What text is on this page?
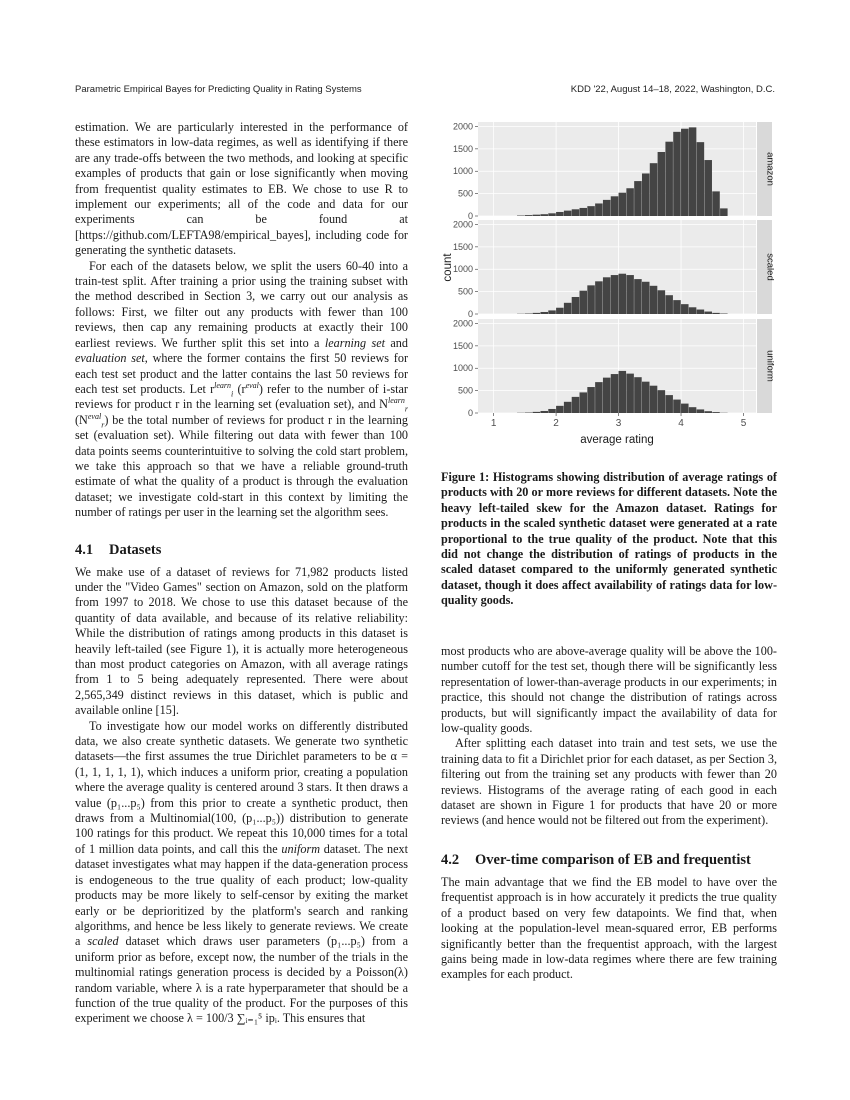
Parametric Empirical Bayes for Predicting Quality in Rating Systems	KDD '22, August 14–18, 2022, Washington, D.C.

estimation. We are particularly interested in the performance of these estimators in low-data regimes, as well as identifying if there are any trade-offs between the two methods, and looking at specific examples of products that gain or lose significantly when moving from frequentist quality estimates to EB. We chose to use R to implement our experiments; all of the code and data for our experiments can be found at [https://github.com/LEFTA98/empirical_bayes], including code for generating the synthetic datasets.

For each of the datasets below, we split the users 60-40 into a train-test split. After training a prior using the training subset with the method described in Section 3, we carry out our analysis as follows: First, we filter out any products with fewer than 100 reviews, then cap any remaining products at exactly their 100 earliest reviews. We further split this set into a learning set and evaluation set, where the former contains the first 50 reviews for each test set product and the latter contains the last 50 reviews for each test set products. Let $r^{learn}_i$ $(r^{eval})$ refer to the number of i-star reviews for product r in the learning set (evaluation set), and $N^{learn}_r$ $(N^{eval}_r)$ be the total number of reviews for product r in the learning set (evaluation set). While filtering out data with fewer than 100 data points seems counterintuitive to solving the cold start problem, we take this approach so that we have a reliable ground-truth estimate of what the quality of a product is through the evaluation dataset; we investigate cold-start in this context by limiting the number of ratings per user in the learning set the algorithm sees.

4.1 Datasets

We make use of a dataset of reviews for 71,982 products listed under the "Video Games" section on Amazon, sold on the platform from 1997 to 2018. We chose to use this dataset because of the quantity of data available, and because of its relative reliability: While the distribution of ratings among products in this dataset is heavily left-tailed (see Figure 1), it is actually more heterogeneous than most product categories on Amazon, with all average ratings from 1 to 5 being adequately represented. There were about 2,565,349 distinct reviews in this dataset, which is public and available online [15].

To investigate how our model works on differently distributed data, we also create synthetic datasets. We generate two synthetic datasets—the first assumes the true Dirichlet parameters to be α = (1, 1, 1, 1, 1), which induces a uniform prior, creating a population where the average quality is centered around 3 stars. It then draws a value (p₁...p₅) from this prior to create a synthetic product, then draws from a Multinomial(100, (p₁...p₅)) distribution to generate 100 ratings for this product. We repeat this 10,000 times for a total of 1 million data points, and call this the uniform dataset. The next dataset investigates what may happen if the data-generation process is endogeneous to the true quality of each product; low-quality products may be more likely to self-censor by exiting the market early or be deprioritized by the platform's search and ranking algorithms, and hence be less likely to generate reviews. We create a scaled dataset which draws user parameters (p₁...p₅) from a uniform prior as before, except now, the number of the trials in the multinomial ratings generation process is decided by a Poisson(λ) random variable, where λ is a rate hyperparameter that should be a function of the true quality of the product. For the purposes of this experiment we choose λ = 100/3 ∑ᵢ₌₁⁵ ipᵢ. This ensures that

0
500
1000
1500
2000
amazon
0
500
1000
1500
2000
scaled
0
500
1000
1500
2000
uniform
1	2	3	4	5
average rating
count
Figure 1: Histograms showing distribution of average ratings of products with 20 or more reviews for different datasets. Note the heavy left-tailed skew for the Amazon dataset. Ratings for products in the scaled synthetic dataset were generated at a rate proportional to the true quality of the product. Note that this did not change the distribution of ratings of products in the scaled dataset compared to the uniformly generated synthetic dataset, though it does affect availability of ratings data for low-quality goods.

most products who are above-average quality will be above the 100-number cutoff for the test set, though there will be significantly less representation of lower-than-average products in our experiments; in practice, this should not change the distribution of ratings across products, but will significantly impact the availability of data for low-quality goods.

After splitting each dataset into train and test sets, we use the training data to fit a Dirichlet prior for each dataset, as per Section 3, filtering out from the training set any products with fewer than 20 reviews. Histograms of the average rating of each good in each dataset are shown in Figure 1 for products that have 20 or more reviews (and hence would not be filtered out from the experiment).

4.2 Over-time comparison of EB and frequentist

The main advantage that we find the EB model to have over the frequentist approach is in how accurately it predicts the true quality of a product based on very few datapoints. We find that, when looking at the population-level mean-squared error, EB performs significantly better than the frequentist approach, with the largest gains being made in low-data regimes where there are few training examples for each product.
